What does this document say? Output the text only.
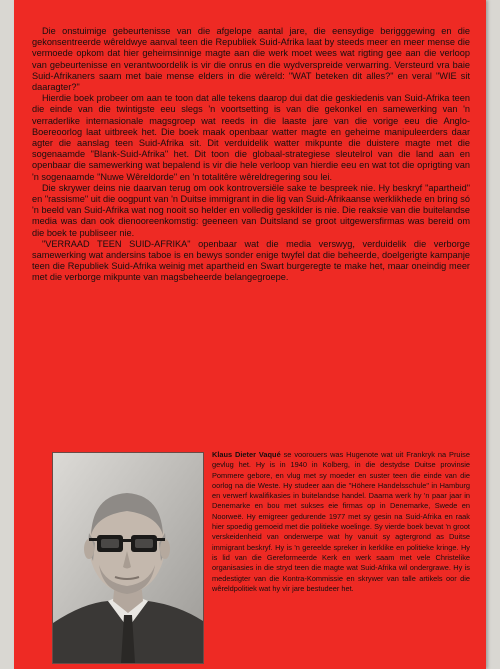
Die onstuimige gebeurtenisse van die afgelope aantal jare, die eensydige berigggewing en die gekonsentreerde wêreldwye aanval teen die Republiek Suid-Afrika laat by steeds meer en meer mense die vermoede opkom dat hier geheimsinnige magte aan die werk moet wees wat rigting gee aan die verloop van gebeurtenisse en verantwoordelik is vir die onrus en die wydverspreide verwarring. Versteurd vra baie Suid-Afrikaners saam met baie mense elders in die wêreld: "WAT beteken dit alles?" en veral "WIE sit daaragter?"

Hierdie boek probeer om aan te toon dat alle tekens daarop dui dat die geskiedenis van Suid-Afrika teen die einde van die twintigste eeu slegs 'n voortsetting is van die gekonkel en samewerking van 'n verraderlike internasionale magsgroep wat reeds in die laaste jare van die vorige eeu die Anglo-Boereoorlog laat uitbreek het. Die boek maak openbaar watter magte en geheime manipuleerders daar agter die aanslag teen Suid-Afrika sit. Dit verduidelik watter mikpunte die duistere magte met die sogenaamde "Blank-Suid-Afrika" het. Dit toon die globaal-strategiese sleutelrol van die land aan en openbaar die samewerking wat bepalend is vir die hele verloop van hierdie eeu en wat tot die oprigting van 'n sogenaamde "Nuwe Wêreldorde" en 'n totalitêre wêreldregering sou lei.

Die skrywer deins nie daarvan terug om ook kontroversiële sake te bespreek nie. Hy beskryf "apartheid" en "rassisme" uit die oogpunt van 'n Duitse immigrant in die lig van Suid-Afrikaanse werklikhede en bring só 'n beeld van Suid-Afrika wat nog nooit so helder en volledig geskilder is nie. Die reaksie van die buitelandse media was dan ook dienooreenkomstig: geeneen van Duitsland se groot uitgewersfirmas was bereid om die boek te publiseer nie.

"VERRAAD TEEN SUID-AFRIKA" openbaar wat die media verswyg, verduidelik die verborge samewerking wat andersins taboe is en bewys sonder enige twyfel dat die beheerde, doelgerigte kampanje teen die Republiek Suid-Afrika weinig met apartheid en Swart burgeregte te make het, maar oneindig meer met die verborge mikpunte van magsbeheerde belangegroepe.

Klaus Dieter Vaqué se voorouers was Hugenote wat uit Frankryk na Pruise gevlug het. Hy is in 1940 in Kolberg, in die destydse Duitse provinsie Pommere gebore, en vlug met sy moeder en suster teen die einde van die oorlog na die Weste. Hy studeer aan die "Höhere Handelsschule" in Hamburg en verwerf kwalifikasies in buitelandse handel. Daarna werk hy 'n paar jaar in Denemarke en bou met sukses eie firmas op in Denemarke, Swede en Noorweë. Hy emigreer gedurende 1977 met sy gesin na Suid-Afrika en raak hier spoedig gemoeid met die politieke woelinge. Sy vierde boek bevat 'n groot verskeidenheid van onderwerpe wat hy vanuit sy agtergrond as Duitse immigrant beskryf. Hy is 'n gereelde spreker in kerklike en politieke kringe. Hy is lid van die Gereformeerde Kerk en werk saam met vele Christelike organisasies in die stryd teen die magte wat Suid-Afrika wil ondergrawe. Hy is medestigter van die Kontra-Kommissie en skrywer van talle artikels oor die wêreldpolitiek wat hy vir jare bestudeer het.
